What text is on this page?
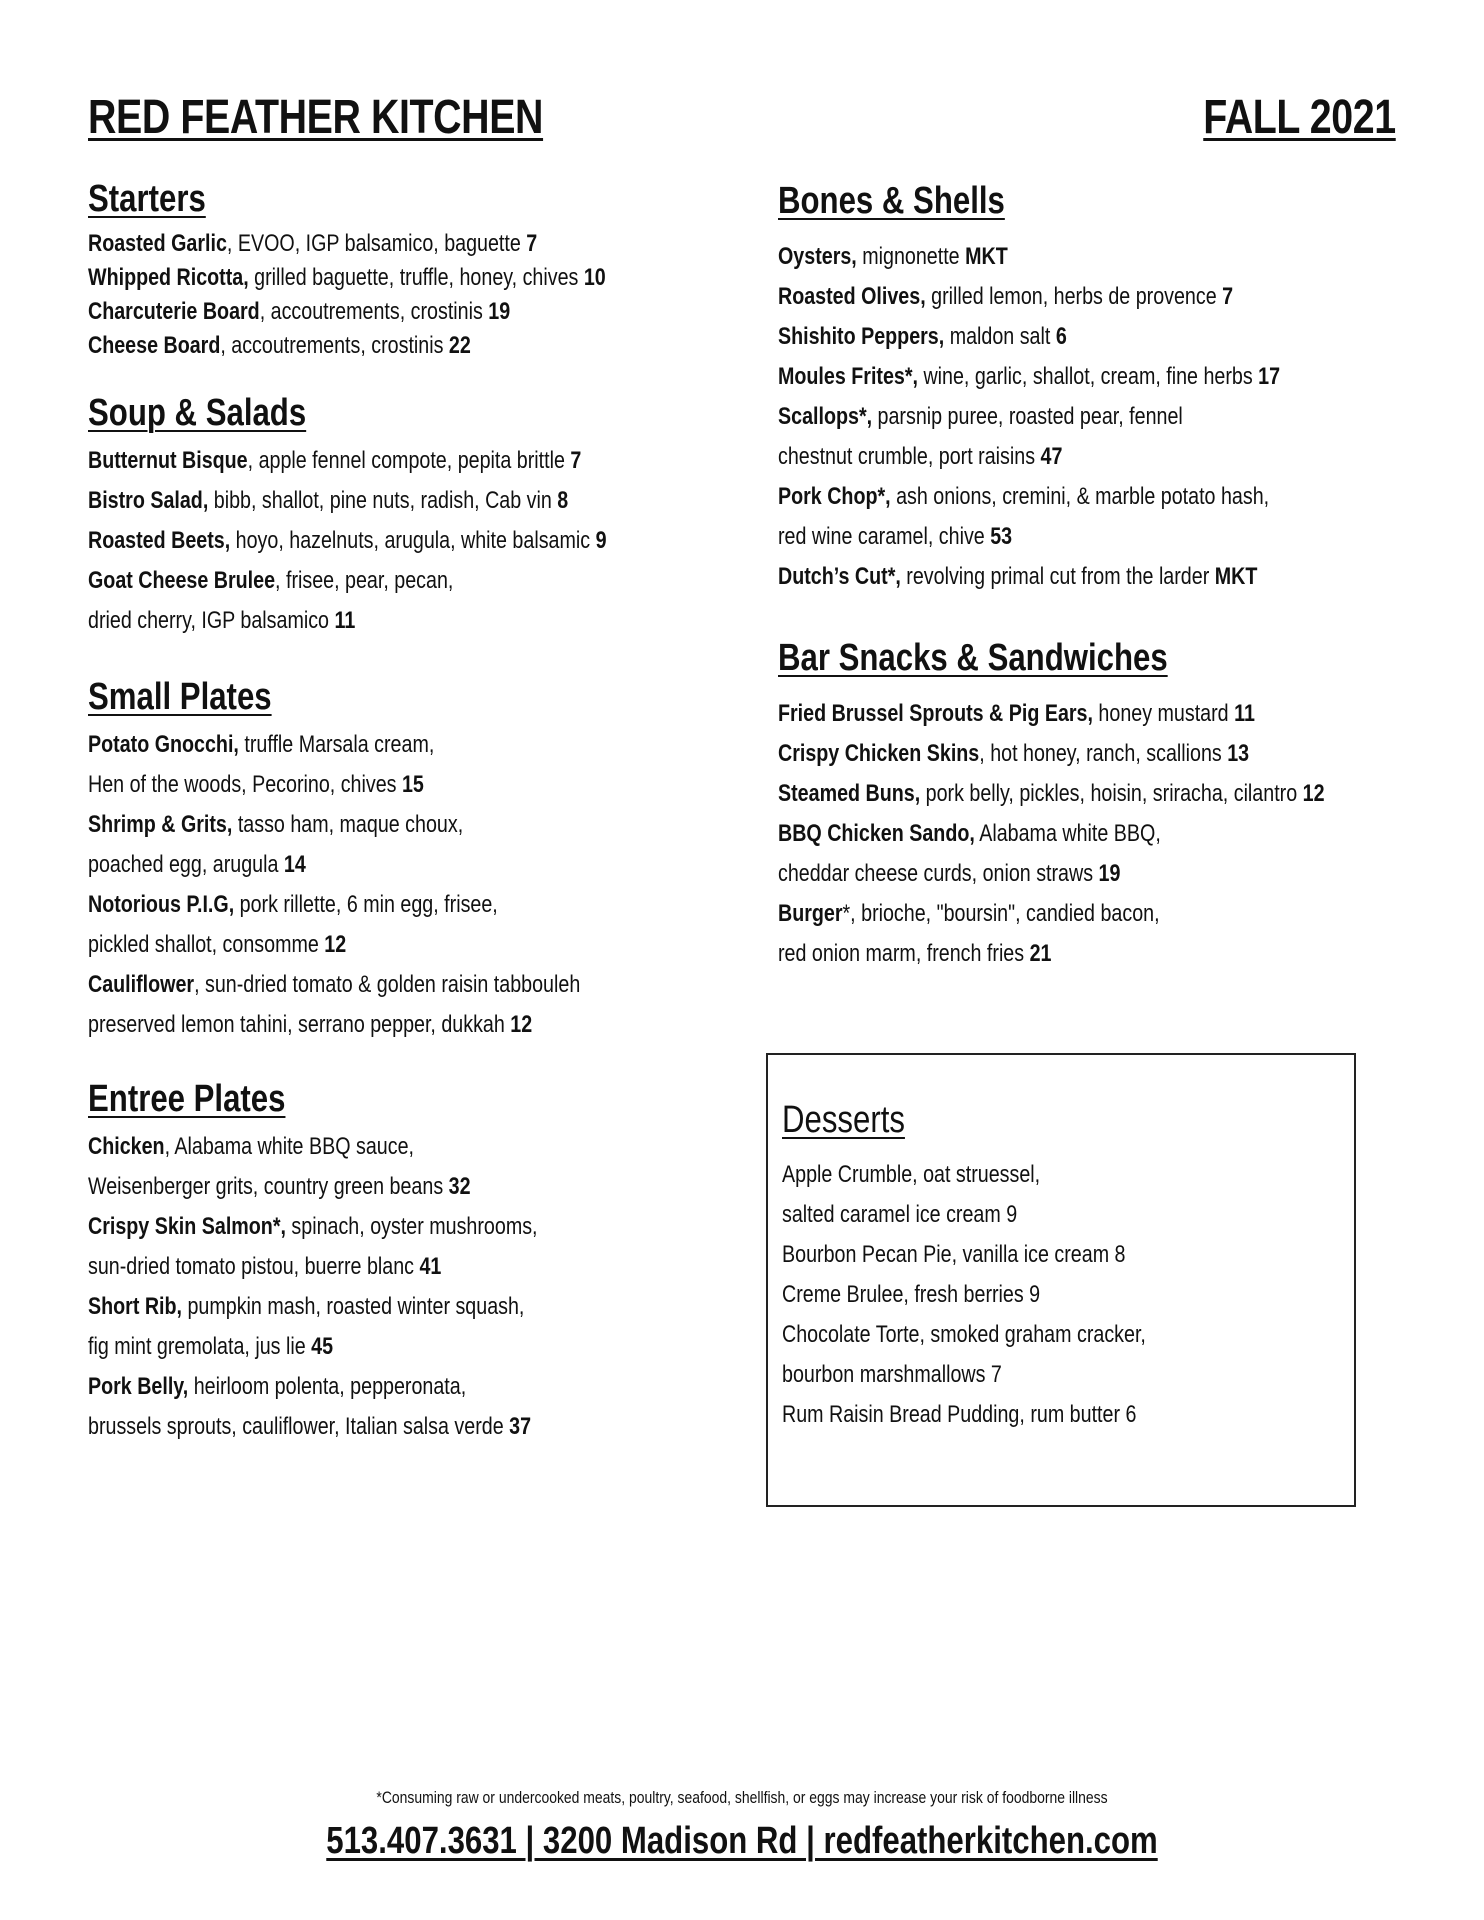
RED FEATHER KITCHEN	FALL 2021
Starters
Roasted Garlic, EVOO, IGP balsamico, baguette 7
Whipped Ricotta, grilled baguette, truffle, honey, chives 10
Charcuterie Board, accoutrements, crostinis 19
Cheese Board, accoutrements, crostinis 22
Soup & Salads
Butternut Bisque, apple fennel compote, pepita brittle 7
Bistro Salad, bibb, shallot, pine nuts, radish, Cab vin 8
Roasted Beets, hoyo, hazelnuts, arugula, white balsamic 9
Goat Cheese Brulee, frisee, pear, pecan,
dried cherry, IGP balsamico 11
Small Plates
Potato Gnocchi, truffle Marsala cream,
Hen of the woods, Pecorino, chives 15
Shrimp & Grits, tasso ham, maque choux,
poached egg, arugula 14
Notorious P.I.G, pork rillette, 6 min egg, frisee,
pickled shallot, consomme 12
Cauliflower, sun-dried tomato & golden raisin tabbouleh
preserved lemon tahini, serrano pepper, dukkah 12
Entree Plates
Chicken, Alabama white BBQ sauce,
Weisenberger grits, country green beans 32
Crispy Skin Salmon*, spinach, oyster mushrooms,
sun-dried tomato pistou, buerre blanc 41
Short Rib, pumpkin mash, roasted winter squash,
fig mint gremolata, jus lie 45
Pork Belly, heirloom polenta, pepperonata,
brussels sprouts, cauliflower, Italian salsa verde 37
Bones & Shells
Oysters, mignonette MKT
Roasted Olives, grilled lemon, herbs de provence 7
Shishito Peppers, maldon salt 6
Moules Frites*, wine, garlic, shallot, cream, fine herbs 17
Scallops*, parsnip puree, roasted pear, fennel
chestnut crumble, port raisins 47
Pork Chop*, ash onions, cremini, & marble potato hash,
red wine caramel, chive 53
Dutch’s Cut*, revolving primal cut from the larder MKT
Bar Snacks & Sandwiches
Fried Brussel Sprouts & Pig Ears, honey mustard 11
Crispy Chicken Skins, hot honey, ranch, scallions 13
Steamed Buns, pork belly, pickles, hoisin, sriracha, cilantro 12
BBQ Chicken Sando, Alabama white BBQ,
cheddar cheese curds, onion straws 19
Burger*, brioche, "boursin", candied bacon,
red onion marm, french fries 21
Desserts
Apple Crumble, oat struessel,
salted caramel ice cream 9
Bourbon Pecan Pie, vanilla ice cream 8
Creme Brulee, fresh berries 9
Chocolate Torte, smoked graham cracker,
bourbon marshmallows 7
Rum Raisin Bread Pudding, rum butter 6
*Consuming raw or undercooked meats, poultry, seafood, shellfish, or eggs may increase your risk of foodborne illness
513.407.3631 | 3200 Madison Rd | redfeatherkitchen.com
